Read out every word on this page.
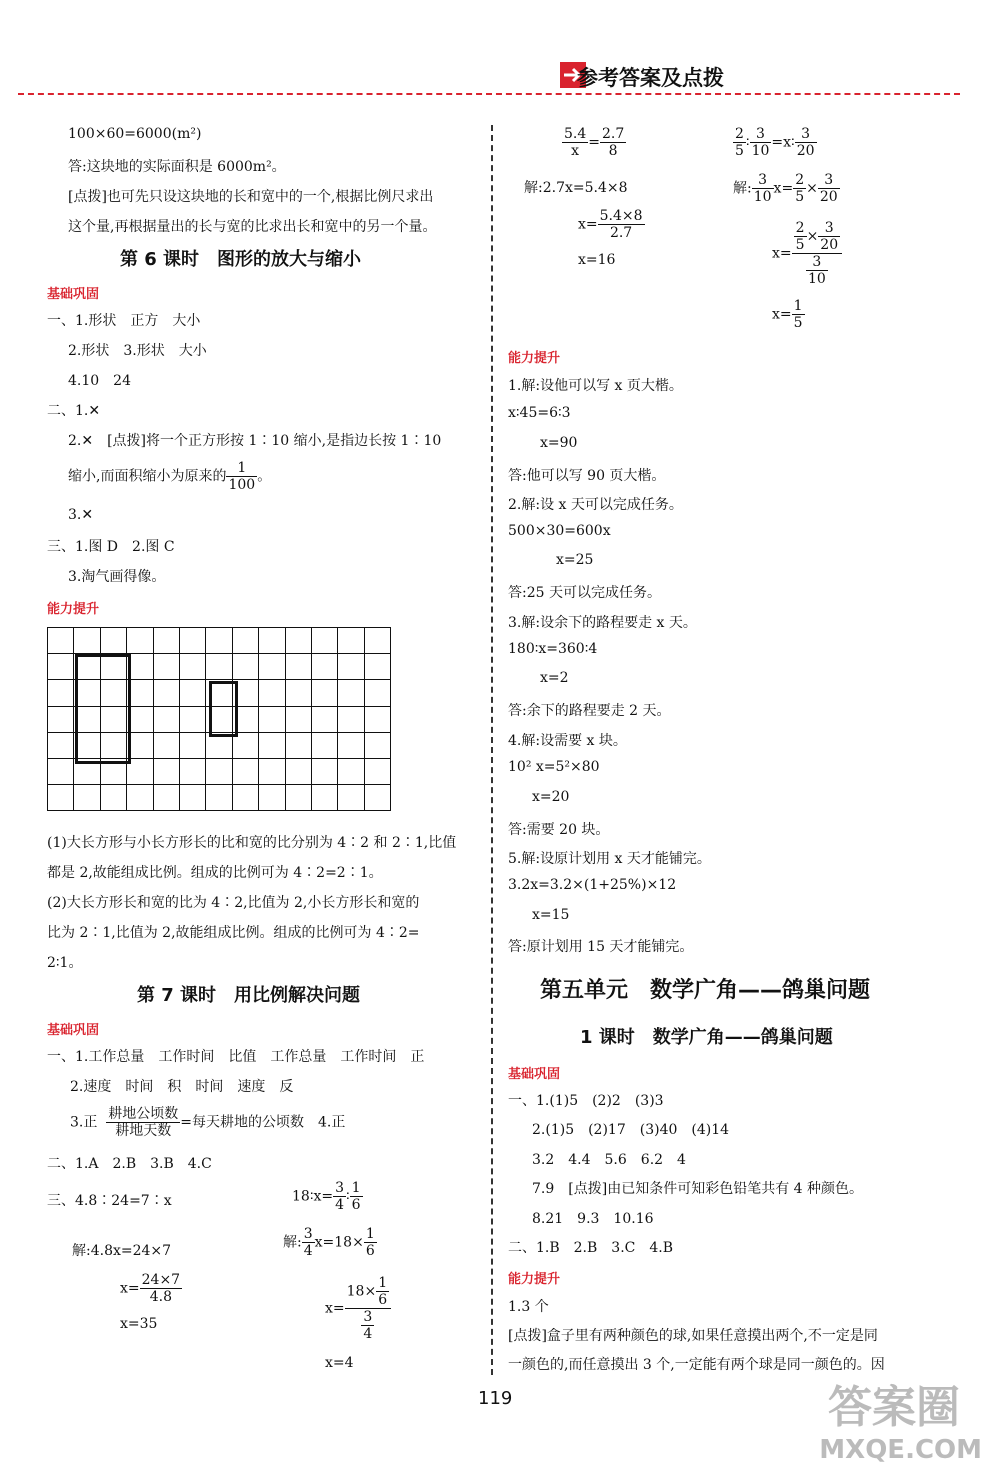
参考答案及点拨
100×60=6000(m²)
答:这块地的实际面积是 6000m²。
[点拨]也可先只设这块地的长和宽中的一个,根据比例尺求出
这个量,再根据量出的长与宽的比求出长和宽中的另一个量。
第 6 课时　图形的放大与缩小
基础巩固
一、1.形状　正方　大小
2.形状　3.形状　大小
4.10　24
二、1.✕
2.✕　[点拨]将一个正方形按 1∶10 缩小,是指边长按 1∶10
缩小,而面积缩小为原来的 $\frac{1}{100}$ 。
3.✕
三、1.图 D　2.图 C
3.淘气画得像。
能力提升

(1)大长方形与小长方形长的比和宽的比分别为 4∶2 和 2∶1,比值
都是 2,故能组成比例。组成的比例可为 4∶2=2∶1。
(2)大长方形长和宽的比为 4∶2,比值为 2,小长方形长和宽的
比为 2∶1,比值为 2,故能组成比例。组成的比例可为 4∶2=
2∶1。
第 7 课时　用比例解决问题
基础巩固
一、1.工作总量　工作时间　比值　工作总量　工作时间　正
2.速度　时间　积　时间　速度　反
3.正 $\frac{\text{耕地公顷数}}{\text{耕地天数}}$ =每天耕地的公顷数　4.正
二、1.A　2.B　3.B　4.C
三、4.8∶24=7∶x
解:4.8x=24×7
$x= \frac{24\times 7}{4.8}$
x=35
18∶x= $\frac{3}{4}$ ∶ $\frac{1}{6}$
解: $\frac{3}{4} x=18\times \frac{1}{6}$
$x= \frac{18\times \frac{1}{6}}{\frac{3}{4}}$
x=4
$\frac{5.4}{x} = \frac{2.7}{8}$
解:2.7x=5.4×8
$x= \frac{5.4\times 8}{2.7}$
x=16
$\frac{2}{5}$ ∶ $\frac{3}{10}$ =x∶ $\frac{3}{20}$
解: $\frac{3}{10} x= \frac{2}{5} \times \frac{3}{20}$
$x= \frac{\frac{2}{5} \times \frac{3}{20}}{\frac{3}{10}}$
$x= \frac{1}{5}$
能力提升
1.解:设他可以写 x 页大楷。
x∶45=6∶3
x=90
答:他可以写 90 页大楷。
2.解:设 x 天可以完成任务。
500×30=600x
x=25
答:25 天可以完成任务。
3.解:设余下的路程要走 x 天。
180∶x=360∶4
x=2
答:余下的路程要走 2 天。
4.解:设需要 x 块。
10² x=5²×80
x=20
答:需要 20 块。
5.解:设原计划用 x 天才能铺完。
3.2x=3.2×(1+25%)×12
x=15
答:原计划用 15 天才能铺完。
第五单元　数学广角——鸽巢问题
1 课时　数学广角——鸽巢问题
基础巩固
一、1.(1)5　(2)2　(3)3
2.(1)5　(2)17　(3)40　(4)14
3.2　4.4　5.6　6.2　4
7.9　[点拨]由已知条件可知彩色铅笔共有 4 种颜色。
8.21　9.3　10.16
二、1.B　2.B　3.C　4.B
能力提升
1.3 个
[点拨]盒子里有两种颜色的球,如果任意摸出两个,不一定是同
一颜色的,而任意摸出 3 个,一定能有两个球是同一颜色的。因
119	答案圈
MXQE.COM
